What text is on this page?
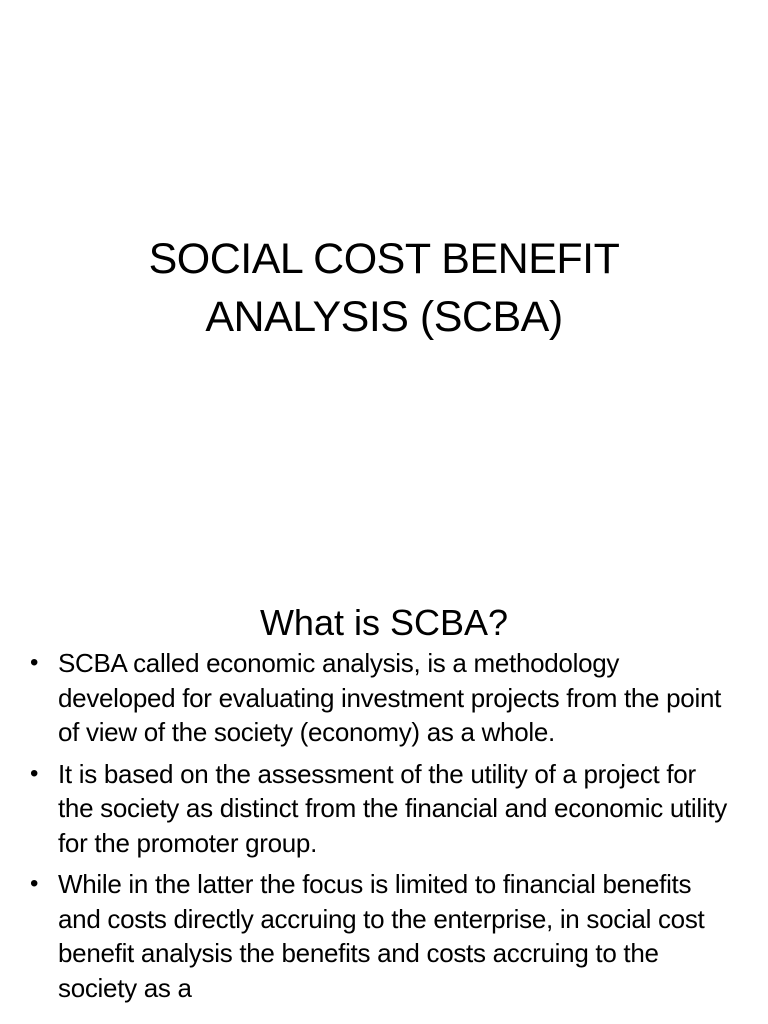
SOCIAL COST BENEFIT
ANALYSIS (SCBA)
What is SCBA?
• SCBA called economic analysis, is a methodology developed for evaluating investment projects from the point of view of the society (economy) as a whole.
• It is based on the assessment of the utility of a project for the society as distinct from the financial and economic utility for the promoter group.
• While in the latter the focus is limited to financial benefits and costs directly accruing to the enterprise, in social cost benefit analysis the benefits and costs accruing to the society as a
